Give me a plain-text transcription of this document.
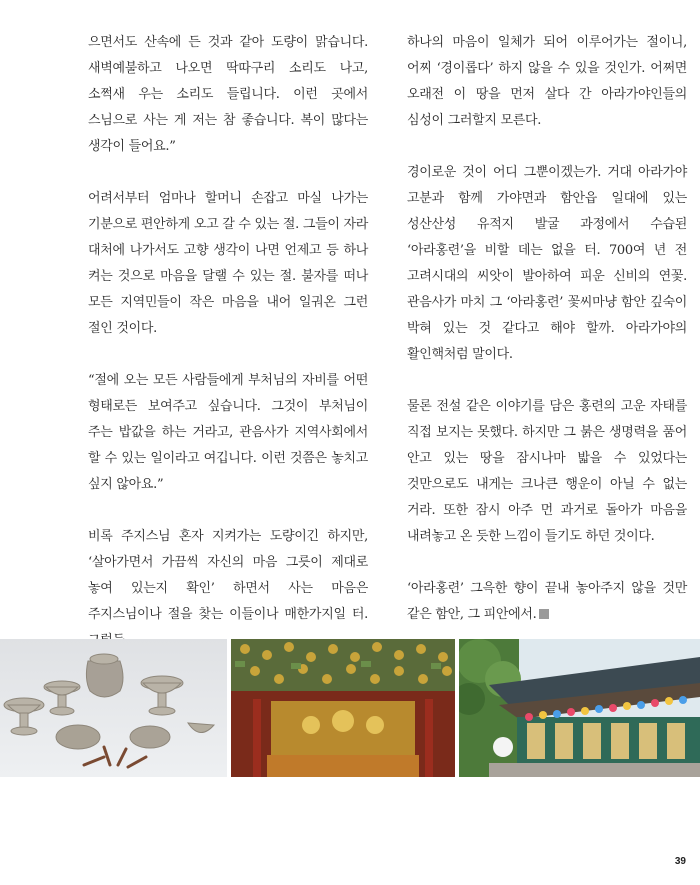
으면서도 산속에 든 것과 같아 도량이 맑습니다. 새벽예불하고 나오면 딱따구리 소리도 나고, 소쩍새 우는 소리도 들립니다. 이런 곳에서 스님으로 사는 게 저는 참 좋습니다. 복이 많다는 생각이 들어요.”

어려서부터 엄마나 할머니 손잡고 마실 나가는 기분으로 편안하게 오고 갈 수 있는 절. 그들이 자라 대처에 나가서도 고향 생각이 나면 언제고 등 하나 켜는 것으로 마음을 달랠 수 있는 절. 불자를 떠나 모든 지역민들이 작은 마음을 내어 일궈온 그런 절인 것이다.

“절에 오는 모든 사람들에게 부처님의 자비를 어떤 형태로든 보여주고 싶습니다. 그것이 부처님이 주는 밥값을 하는 거라고, 관음사가 지역사회에서 할 수 있는 일이라고 여깁니다. 이런 것쯤은 놓치고 싶지 않아요.”

비록 주지스님 혼자 지켜가는 도량이긴 하지만, ‘살아가면서 가끔씩 자신의 마음 그릇이 제대로 놓여 있는지 확인’ 하면서 사는 마음은 주지스님이나 절을 찾는 이들이나 매한가지일 터.

하나의 마음이 일체가 되어 이루어가는 절이니, 어찌 ‘경이롭다’ 하지 않을 수 있을 것인가. 어쩌면 오래전 이 땅을 먼저 살다 간 아라가야인들의 심성이 그러할지 모른다.

경이로운 것이 어디 그뿐이겠는가. 거대 아라가야 고분과 함께 가야면과 함안읍 일대에 있는 성산산성 유적지 발굴 과정에서 수습된 ‘아라홍련’을 비할 데는 없을 터. 700여 년 전 고려시대의 씨앗이 발아하여 피운 신비의 연꽃. 관음사가 마치 그 ‘아라홍련’ 꽃씨마냥 함안 깊숙이 박혀 있는 것 같다고 해야 할까. 아라가야의 활인핵처럼 말이다.

물론 전설 같은 이야기를 담은 홍련의 고운 자태를 직접 보지는 못했다. 하지만 그 붉은 생명력을 품어 안고 있는 땅을 잠시나마 밟을 수 있었다는 것만으로도 내게는 크나큰 행운이 아닐 수 없는 거라. 또한 잠시 아주 먼 과거로 돌아가 마음을 내려놓고 온 듯한 느낌이 들기도 하던 것이다.

‘아라홍련’ 그윽한 향이 끝내 놓아주지 않을 것만 같은 함안, 그 피안에서.

39
